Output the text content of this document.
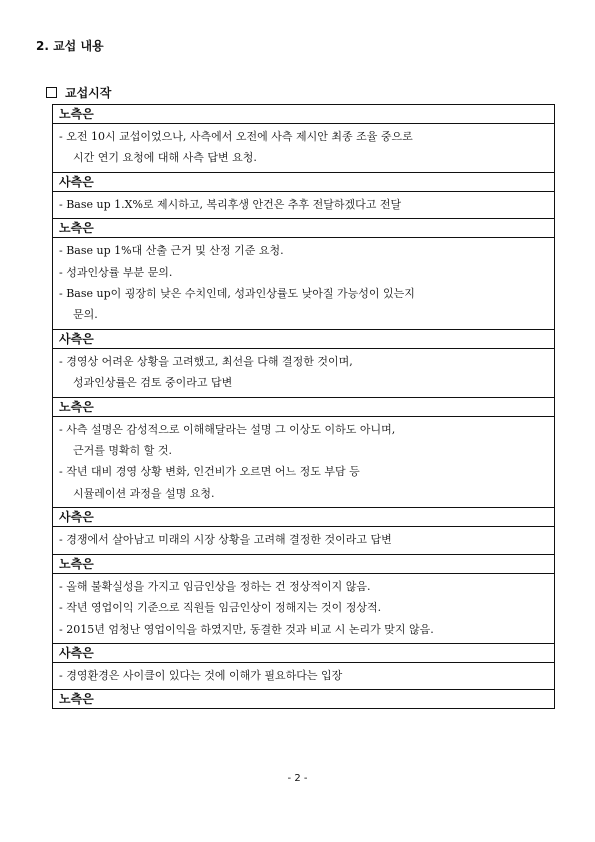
2. 교섭 내용
교섭시작
노측은

- 오전 10시 교섭이었으나, 사측에서 오전에 사측 제시안 최종 조율 중으로
시간 연기 요청에 대해 사측 답변 요청.

사측은

- Base up 1.X%로 제시하고, 복리후생 안건은 추후 전달하겠다고 전달

노측은

- Base up 1%대 산출 근거 및 산정 기준 요청.
- 성과인상률 부분 문의.
- Base up이 굉장히 낮은 수치인데, 성과인상률도 낮아질 가능성이 있는지
문의.

사측은

- 경영상 어려운 상황을 고려했고, 최선을 다해 결정한 것이며,
성과인상률은 검토 중이라고 답변

노측은

- 사측 설명은 감성적으로 이해해달라는 설명 그 이상도 이하도 아니며,
근거를 명확히 할 것.
- 작년 대비 경영 상황 변화, 인건비가 오르면 어느 정도 부담 등
시뮬레이션 과정을 설명 요청.

사측은

- 경쟁에서 살아남고 미래의 시장 상황을 고려해 결정한 것이라고 답변

노측은

- 올해 불확실성을 가지고 임금인상을 정하는 건 정상적이지 않음.
- 작년 영업이익 기준으로 직원들 임금인상이 정해지는 것이 정상적.
- 2015년 엄청난 영업이익을 하였지만, 동결한 것과 비교 시 논리가 맞지 않음.

사측은

- 경영환경은 사이클이 있다는 것에 이해가 필요하다는 입장

노측은
- 2 -
